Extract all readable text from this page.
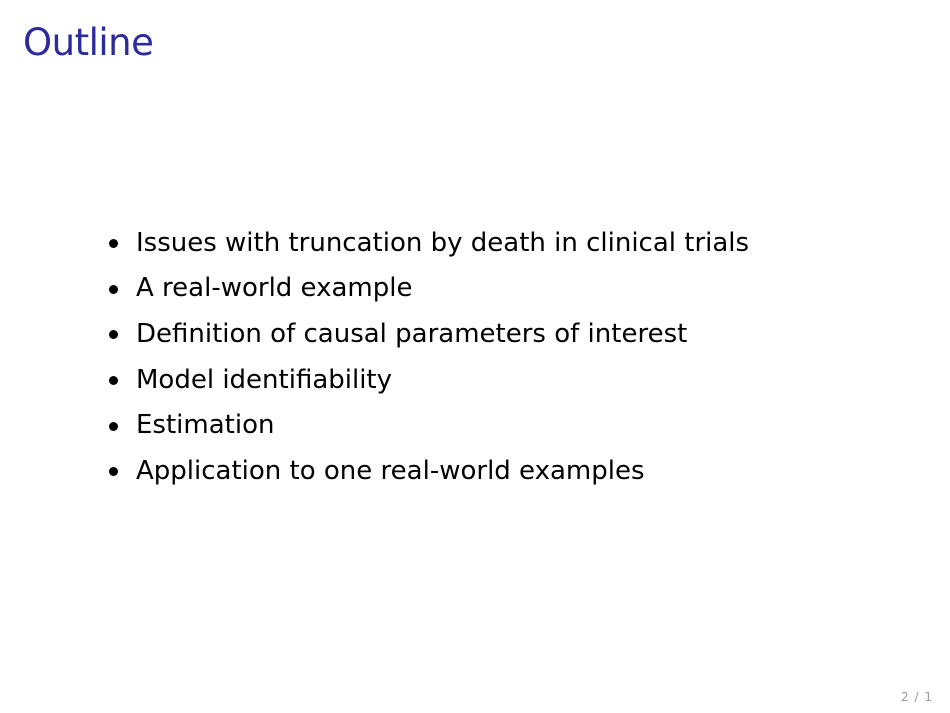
Outline
Issues with truncation by death in clinical trials
A real-world example
Definition of causal parameters of interest
Model identifiability
Estimation
Application to one real-world examples
2 / 1
